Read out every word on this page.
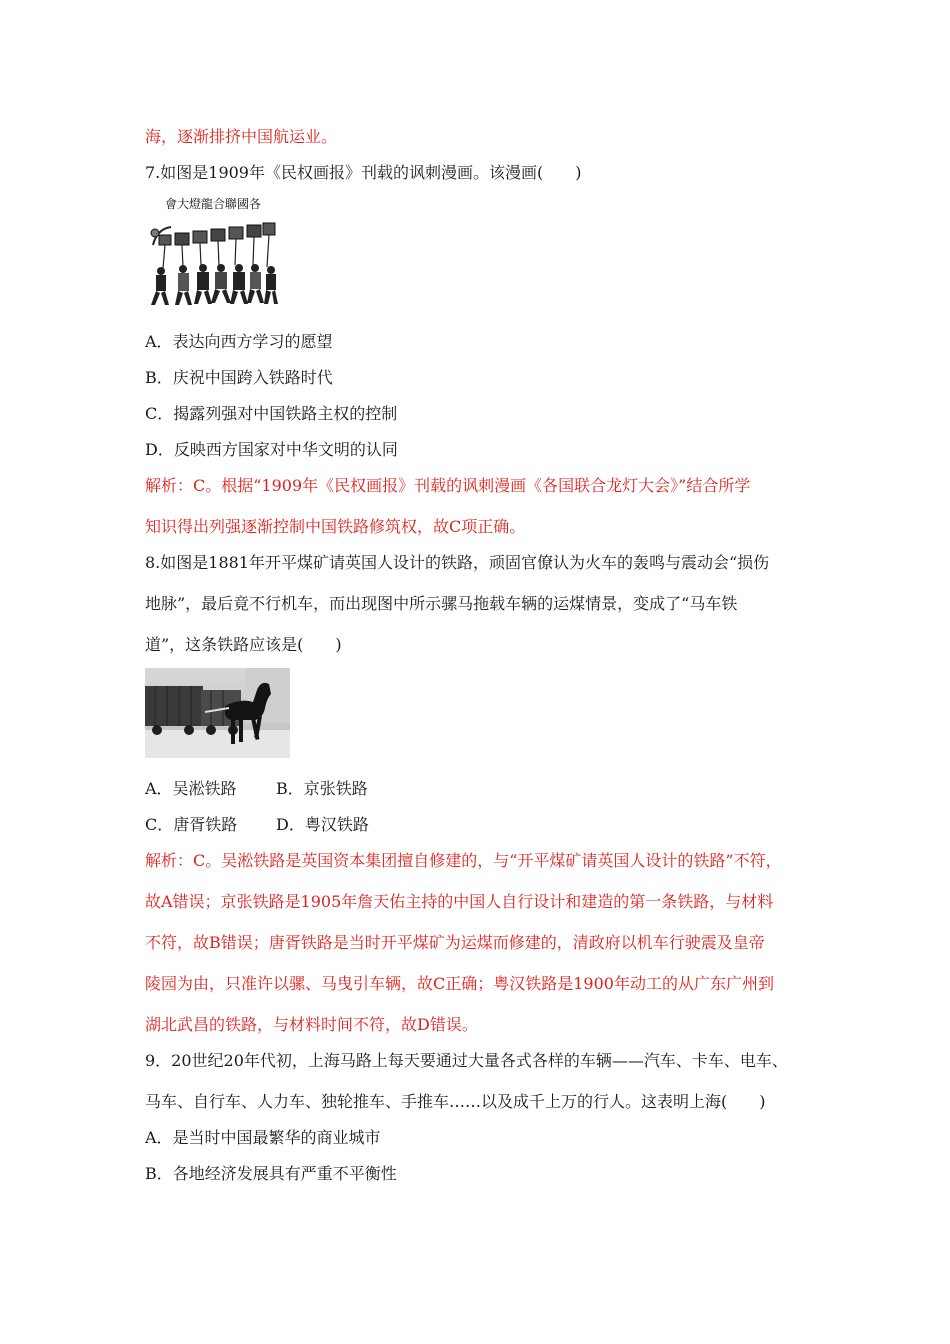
海，逐渐排挤中国航运业。
7.如图是1909年《民权画报》刊载的讽刺漫画。该漫画(　　)
會大燈龍合聯國各
A．表达向西方学习的愿望
B．庆祝中国跨入铁路时代
C．揭露列强对中国铁路主权的控制
D．反映西方国家对中华文明的认同
解析：C。根据“1909年《民权画报》刊载的讽刺漫画《各国联合龙灯大会》”结合所学
知识得出列强逐渐控制中国铁路修筑权，故C项正确。
8.如图是1881年开平煤矿请英国人设计的铁路，顽固官僚认为火车的轰鸣与震动会“损伤
地脉”，最后竟不行机车，而出现图中所示骡马拖载车辆的运煤情景，变成了“马车铁
道”，这条铁路应该是(　　)
A．吴淞铁路 B．京张铁路
C．唐胥铁路 D．粤汉铁路
解析：C。吴淞铁路是英国资本集团擅自修建的，与“开平煤矿请英国人设计的铁路”不符，
故A错误；京张铁路是1905年詹天佑主持的中国人自行设计和建造的第一条铁路，与材料
不符，故B错误；唐胥铁路是当时开平煤矿为运煤而修建的，清政府以机车行驶震及皇帝
陵园为由，只准许以骡、马曳引车辆，故C正确；粤汉铁路是1900年动工的从广东广州到
湖北武昌的铁路，与材料时间不符，故D错误。
9．20世纪20年代初，上海马路上每天要通过大量各式各样的车辆——汽车、卡车、电车、
马车、自行车、人力车、独轮推车、手推车……以及成千上万的行人。这表明上海(　　)
A．是当时中国最繁华的商业城市
B．各地经济发展具有严重不平衡性
